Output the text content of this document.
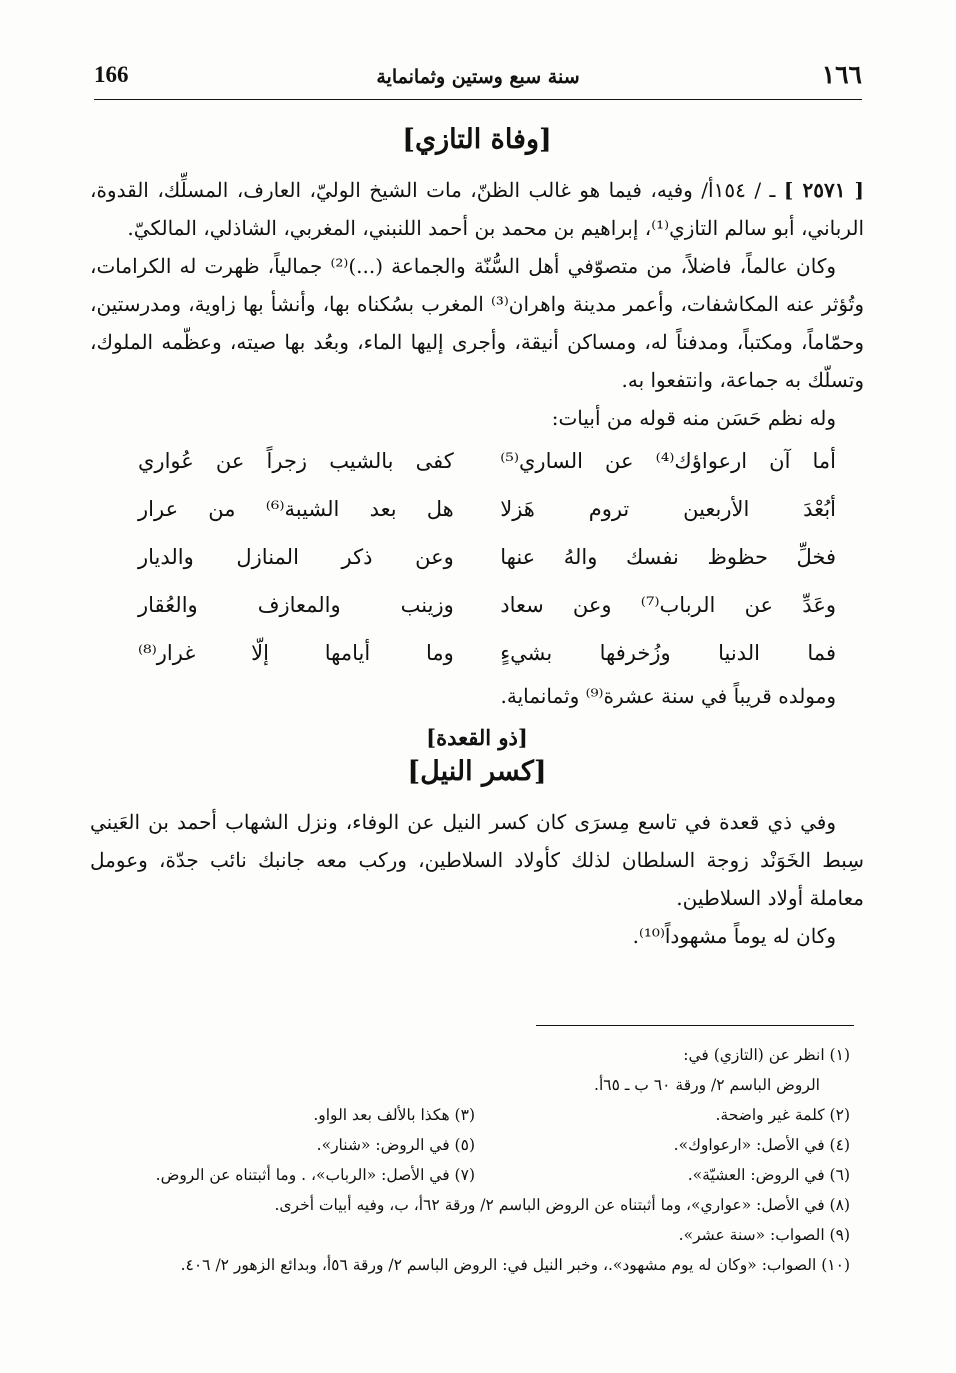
166	سنة سبع وستين وثمانماية	١٦٦
[وفاة التازي]

[ ٢٥٧١ ] ـ / ١٥٤أ/ وفيه، فيما هو غالب الظنّ، مات الشيخ الوليّ، العارف، المسلِّك، القدوة، الرباني، أبو سالم التازي⁽¹⁾، إبراهيم بن محمد بن أحمد اللنبني، المغربي، الشاذلي، المالكيّ.

وكان عالماً، فاضلاً، من متصوّفي أهل السُّنّة والجماعة (...)⁽²⁾ جمالياً، ظهرت له الكرامات، وتُؤثر عنه المكاشفات، وأعمر مدينة واهران⁽³⁾ المغرب بسُكناه بها، وأنشأ بها زاوية، ومدرستين، وحمّاماً، ومكتباً، ومدفناً له، ومساكن أنيقة، وأجرى إليها الماء، وبعُد بها صيته، وعظّمه الملوك، وتسلّك به جماعة، وانتفعوا به.

وله نظم حَسَن منه قوله من أبيات:

أما آن ارعواؤك⁽⁴⁾ عن الساري⁽⁵⁾
كفى بالشيب زجراً عن عُواري
أبُعْدَ الأربعين تروم هَزلا
هل بعد الشيبة⁽⁶⁾ من عرار
فخلِّ حظوظ نفسك والهُ عنها
وعن ذكر المنازل والديار
وعَدِّ عن الرباب⁽⁷⁾ وعن سعاد
وزينب والمعازف والعُقار
فما الدنيا وزُخرفها بشيءٍ
وما أيامها إلّا غرار⁽⁸⁾

ومولده قريباً في سنة عشرة⁽⁹⁾ وثمانماية.

[ذو القعدة]
[كسر النيل]

وفي ذي قعدة في تاسع مِسرَى كان كسر النيل عن الوفاء، ونزل الشهاب أحمد بن العَيني سِبط الخَوَنْد زوجة السلطان لذلك كأولاد السلاطين، وركب معه جانبك نائب جدّة، وعومل معاملة أولاد السلاطين.

وكان له يوماً مشهوداً⁽¹⁰⁾.

(١) انظر عن (التازي) في:
الروض الباسم ٢/ ورقة ٦٠ ب ـ ٦٥أ.
(٢) كلمة غير واضحة.
(٣) هكذا بالألف بعد الواو.
(٤) في الأصل: «ارعواوك».
(٥) في الروض: «شنار».
(٦) في الروض: العشيّة».
(٧) في الأصل: «الرباب»، . وما أثبتناه عن الروض.
(٨) في الأصل: «عواري»، وما أثبتناه عن الروض الباسم ٢/ ورقة ٦٢أ، ب، وفيه أبيات أخرى.
(٩) الصواب: «سنة عشر».
(١٠) الصواب: «وكان له يوم مشهود».، وخبر النيل في: الروض الباسم ٢/ ورقة ٥٦أ، وبدائع الزهور ٢/ ٤٠٦.
